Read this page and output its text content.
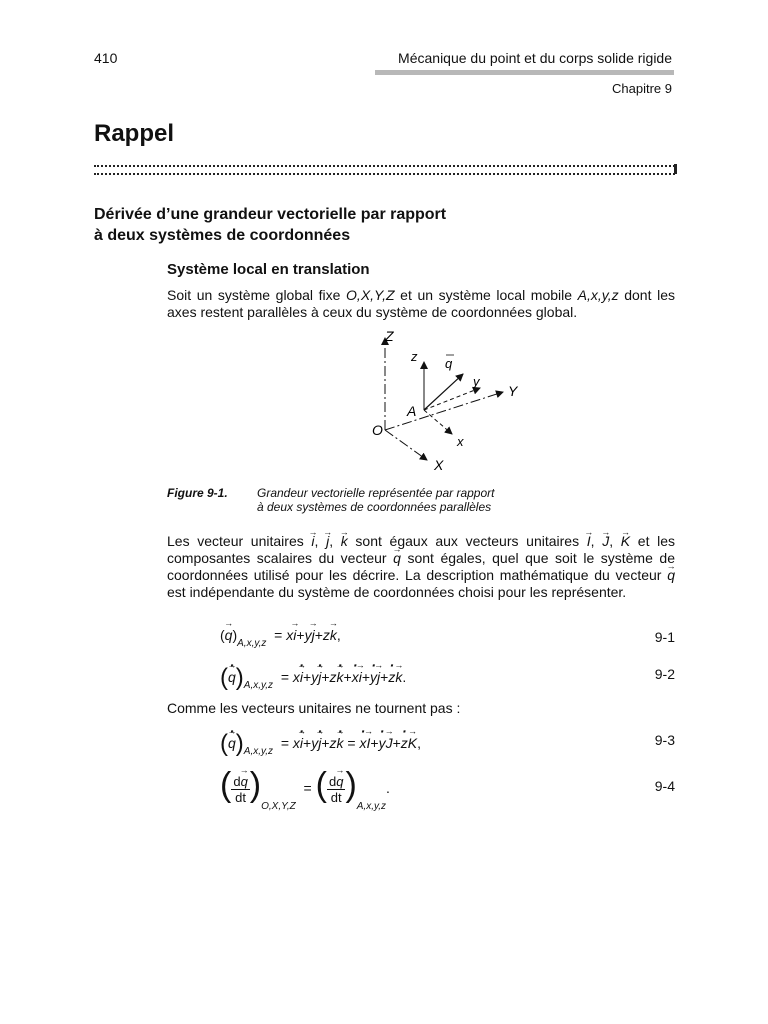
410	Mécanique du point et du corps solide rigide
Chapitre 9
Rappel
Dérivée d’une grandeur vectorielle par rapport
à deux systèmes de coordonnées
Système local en translation
Soit un système global fixe O,X,Y,Z et un système local mobile A,x,y,z dont les axes restent parallèles à ceux du système de coordonnées global.
Z
z q
y
Y
A
O
x
X
Figure 9-1. Grandeur vectorielle représentée par rapport
à deux systèmes de coordonnées parallèles
Les vecteur unitaires → i, → j, → k sont égaux aux vecteurs unitaires → I, → J, → K et les composantes scalaires du vecteur → q sont égales, quel que soit le système de coordonnées utilisé pour les décrire. La description mathématique du vecteur → q est indépendante du système de coordonnées choisi pour les représenter.
(→ $q)_{A,x,y,z} = x\to i+y\to j+z\to k$,	9-1
(→ $q \cdot)_{A,x,y,z} = x\to i \cdot+y\to j \cdot+z\to k \cdot+x \cdot\to i+y \cdot\to j+z \cdot\to k$.	9-2
Comme les vecteurs unitaires ne tournent pas :
(→ $q \cdot)_{A,x,y,z} = x\to i \cdot+y\to j \cdot+z\to k$ · = x ·→ I+y ·→ J+z ·→ K,	9-3
( $\frac{d\to q}{dt} )_{O,X,Y,Z}$  = ( $\frac{d\to q}{dt} )_{A,x,y,z}$.	9-4
